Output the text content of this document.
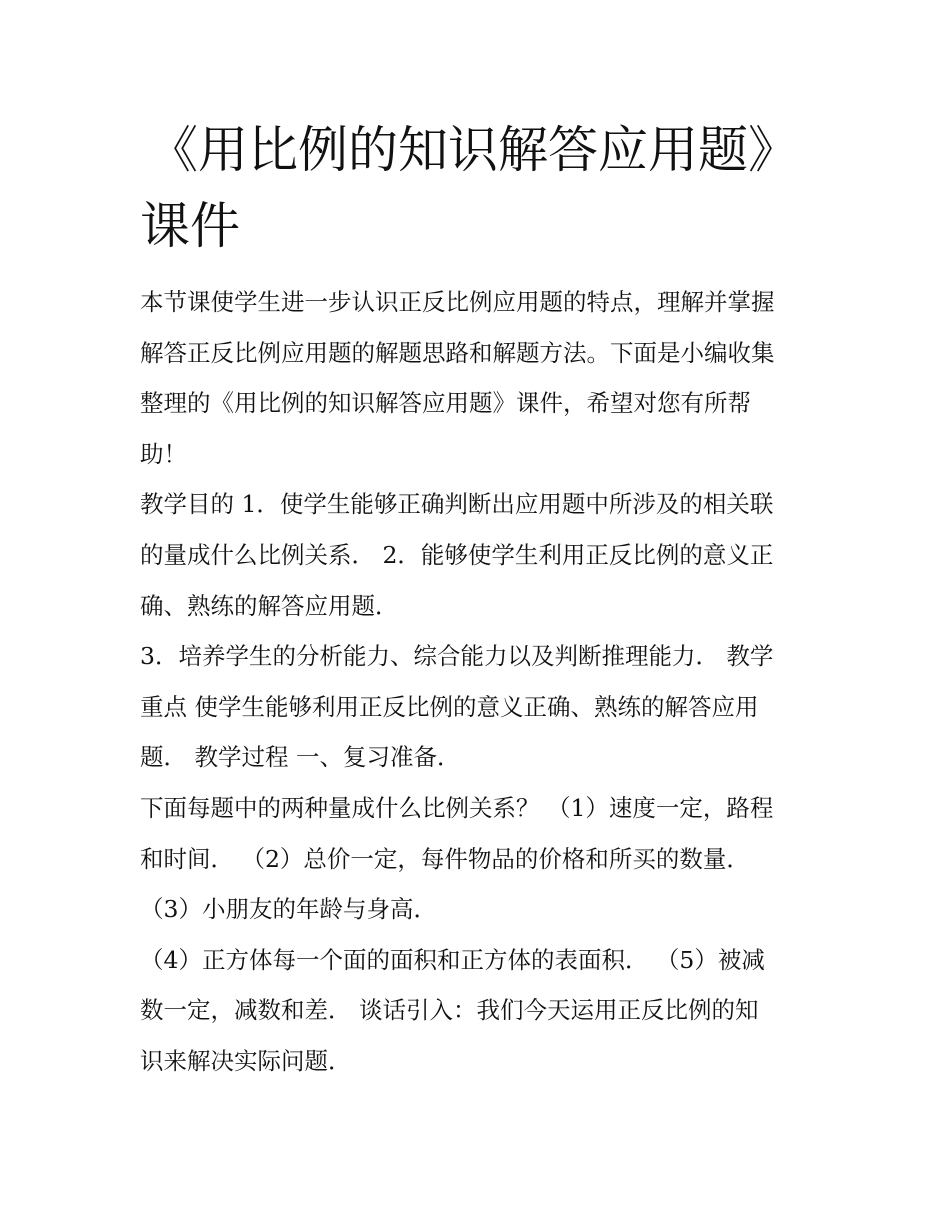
《用比例的知识解答应用题》
课件
本节课使学生进一步认识正反比例应用题的特点，理解并掌握
解答正反比例应用题的解题思路和解题方法。下面是小编收集
整理的《用比例的知识解答应用题》课件，希望对您有所帮
助！
教学目的 1．使学生能够正确判断出应用题中所涉及的相关联
的量成什么比例关系． 2．能够使学生利用正反比例的意义正
确、熟练的解答应用题．
3．培养学生的分析能力、综合能力以及判断推理能力． 教学
重点 使学生能够利用正反比例的意义正确、熟练的解答应用
题． 教学过程 一、复习准备．
下面每题中的两种量成什么比例关系？ （1）速度一定，路程
和时间． （2）总价一定，每件物品的价格和所买的数量．
（3）小朋友的年龄与身高．
（4）正方体每一个面的面积和正方体的表面积． （5）被减
数一定，减数和差． 谈话引入：我们今天运用正反比例的知
识来解决实际问题．
